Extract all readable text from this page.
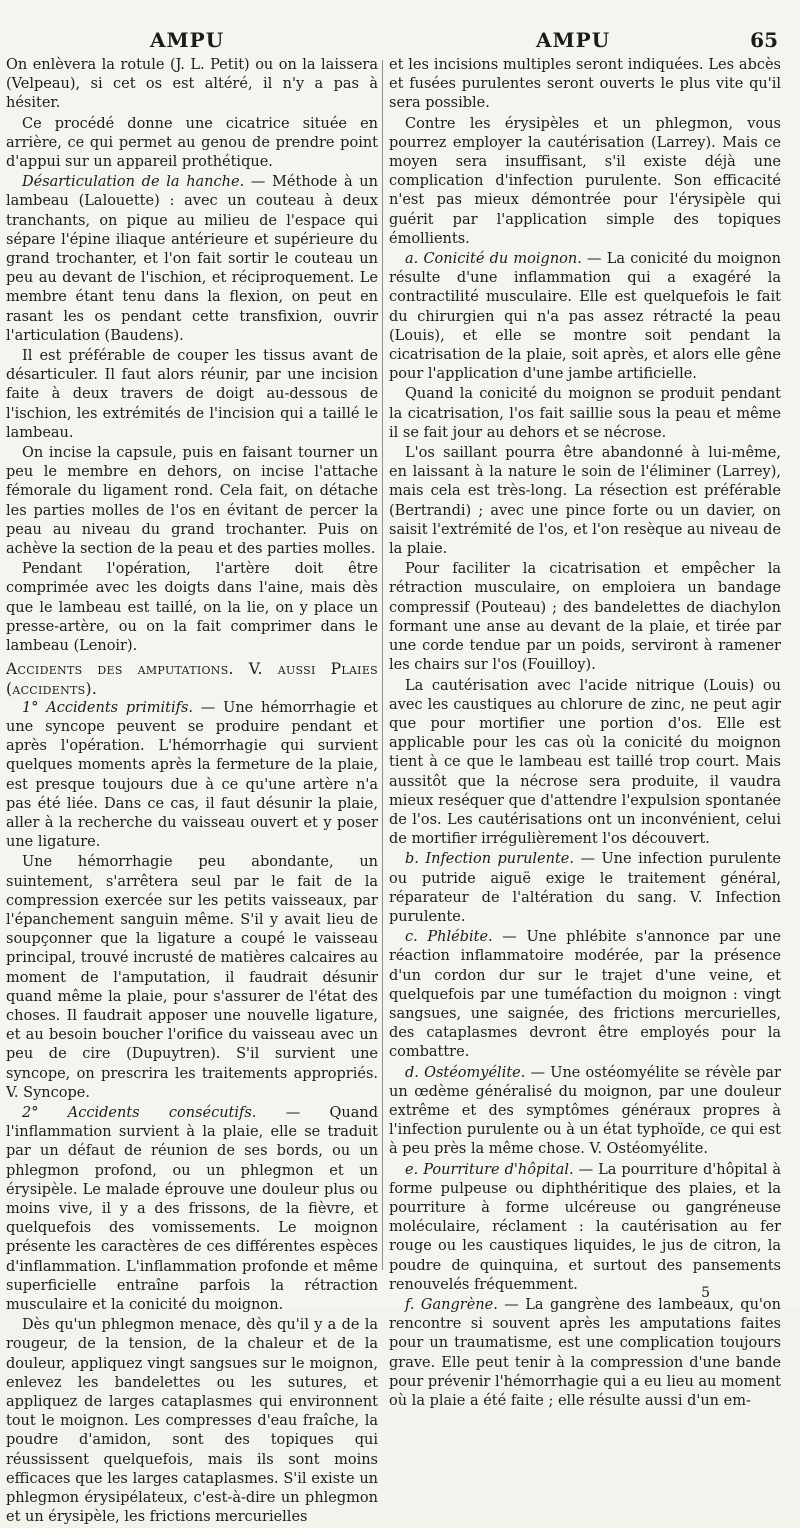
AMPU	AMPU	65

On enlèvera la rotule (J. L. Petit) ou on la laissera (Velpeau), si cet os est altéré, il n'y a pas à hésiter.

Ce procédé donne une cicatrice située en arrière, ce qui permet au genou de prendre point d'appui sur un appareil prothétique.

Désarticulation de la hanche. — Méthode à un lambeau (Lalouette) : avec un couteau à deux tranchants, on pique au milieu de l'espace qui sépare l'épine iliaque antérieure et supérieure du grand trochanter, et l'on fait sortir le couteau un peu au devant de l'ischion, et réciproquement. Le membre étant tenu dans la flexion, on peut en rasant les os pendant cette transfixion, ouvrir l'articulation (Baudens).

Il est préférable de couper les tissus avant de désarticuler. Il faut alors réunir, par une incision faite à deux travers de doigt au-dessous de l'ischion, les extrémités de l'incision qui a taillé le lambeau.

On incise la capsule, puis en faisant tourner un peu le membre en dehors, on incise l'attache fémorale du ligament rond. Cela fait, on détache les parties molles de l'os en évitant de percer la peau au niveau du grand trochanter. Puis on achève la section de la peau et des parties molles.

Pendant l'opération, l'artère doit être comprimée avec les doigts dans l'aine, mais dès que le lambeau est taillé, on la lie, on y place un presse-artère, ou on la fait comprimer dans le lambeau (Lenoir).

Accidents des amputations. V. aussi Plaies (accidents).

1° Accidents primitifs. — Une hémorrhagie et une syncope peuvent se produire pendant et après l'opération. L'hémorrhagie qui survient quelques moments après la fermeture de la plaie, est presque toujours due à ce qu'une artère n'a pas été liée. Dans ce cas, il faut désunir la plaie, aller à la recherche du vaisseau ouvert et y poser une ligature.

Une hémorrhagie peu abondante, un suintement, s'arrêtera seul par le fait de la compression exercée sur les petits vaisseaux, par l'épanchement sanguin même. S'il y avait lieu de soupçonner que la ligature a coupé le vaisseau principal, trouvé incrusté de matières calcaires au moment de l'amputation, il faudrait désunir quand même la plaie, pour s'assurer de l'état des choses. Il faudrait apposer une nouvelle ligature, et au besoin boucher l'orifice du vaisseau avec un peu de cire (Dupuytren). S'il survient une syncope, on prescrira les traitements appropriés. V. Syncope.

2° Accidents consécutifs. — Quand l'inflammation survient à la plaie, elle se traduit par un défaut de réunion de ses bords, ou un phlegmon profond, ou un phlegmon et un érysipèle. Le malade éprouve une douleur plus ou moins vive, il y a des frissons, de la fièvre, et quelquefois des vomissements. Le moignon présente les caractères de ces différentes espèces d'inflammation. L'inflammation profonde et même superficielle entraîne parfois la rétraction musculaire et la conicité du moignon.

Dès qu'un phlegmon menace, dès qu'il y a de la rougeur, de la tension, de la chaleur et de la douleur, appliquez vingt sangsues sur le moignon, enlevez les bandelettes ou les sutures, et appliquez de larges cataplasmes qui environnent tout le moignon. Les compresses d'eau fraîche, la poudre d'amidon, sont des topiques qui réussissent quelquefois, mais ils sont moins efficaces que les larges cataplasmes. S'il existe un phlegmon érysipélateux, c'est-à-dire un phlegmon et un érysipèle, les frictions mercurielles

et les incisions multiples seront indiquées. Les abcès et fusées purulentes seront ouverts le plus vite qu'il sera possible.

Contre les érysipèles et un phlegmon, vous pourrez employer la cautérisation (Larrey). Mais ce moyen sera insuffisant, s'il existe déjà une complication d'infection purulente. Son efficacité n'est pas mieux démontrée pour l'érysipèle qui guérit par l'application simple des topiques émollients.

a. Conicité du moignon. — La conicité du moignon résulte d'une inflammation qui a exagéré la contractilité musculaire. Elle est quelquefois le fait du chirurgien qui n'a pas assez rétracté la peau (Louis), et elle se montre soit pendant la cicatrisation de la plaie, soit après, et alors elle gêne pour l'application d'une jambe artificielle.

Quand la conicité du moignon se produit pendant la cicatrisation, l'os fait saillie sous la peau et même il se fait jour au dehors et se nécrose.

L'os saillant pourra être abandonné à lui-même, en laissant à la nature le soin de l'éliminer (Larrey), mais cela est très-long. La résection est préférable (Bertrandi) ; avec une pince forte ou un davier, on saisit l'extrémité de l'os, et l'on resèque au niveau de la plaie.

Pour faciliter la cicatrisation et empêcher la rétraction musculaire, on emploiera un bandage compressif (Pouteau) ; des bandelettes de diachylon formant une anse au devant de la plaie, et tirée par une corde tendue par un poids, serviront à ramener les chairs sur l'os (Fouilloy).

La cautérisation avec l'acide nitrique (Louis) ou avec les caustiques au chlorure de zinc, ne peut agir que pour mortifier une portion d'os. Elle est applicable pour les cas où la conicité du moignon tient à ce que le lambeau est taillé trop court. Mais aussitôt que la nécrose sera produite, il vaudra mieux reséquer que d'attendre l'expulsion spontanée de l'os. Les cautérisations ont un inconvénient, celui de mortifier irrégulièrement l'os découvert.

b. Infection purulente. — Une infection purulente ou putride aiguë exige le traitement général, réparateur de l'altération du sang. V. Infection purulente.

c. Phlébite. — Une phlébite s'annonce par une réaction inflammatoire modérée, par la présence d'un cordon dur sur le trajet d'une veine, et quelquefois par une tuméfaction du moignon : vingt sangsues, une saignée, des frictions mercurielles, des cataplasmes devront être employés pour la combattre.

d. Ostéomyélite. — Une ostéomyélite se révèle par un œdème généralisé du moignon, par une douleur extrême et des symptômes généraux propres à l'infection purulente ou à un état typhoïde, ce qui est à peu près la même chose. V. Ostéomyélite.

e. Pourriture d'hôpital. — La pourriture d'hôpital à forme pulpeuse ou diphthéritique des plaies, et la pourriture à forme ulcéreuse ou gangréneuse moléculaire, réclament : la cautérisation au fer rouge ou les caustiques liquides, le jus de citron, la poudre de quinquina, et surtout des pansements renouvelés fréquemment.

f. Gangrène. — La gangrène des lambeaux, qu'on rencontre si souvent après les amputations faites pour un traumatisme, est une complication toujours grave. Elle peut tenir à la compression d'une bande pour prévenir l'hémorrhagie qui a eu lieu au moment où la plaie a été faite ; elle résulte aussi d'un em-

5
